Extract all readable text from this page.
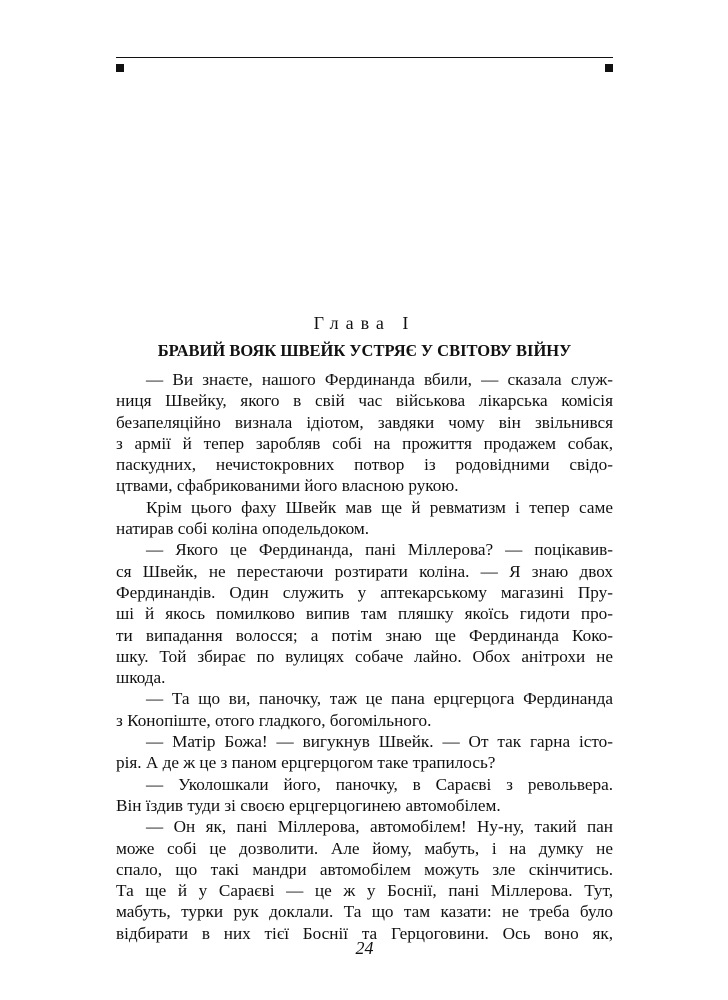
Глава I
БРАВИЙ ВОЯК ШВЕЙК УСТРЯЄ У СВІТОВУ ВІЙНУ
— Ви знаєте, нашого Фердинанда вбили, — сказала служ-
ниця Швейку, якого в свій час військова лікарська комісія
безапеляційно визнала ідіотом, завдяки чому він звільнився
з армії й тепер заробляв собі на прожиття продажем собак,
паскудних, нечистокровних потвор із родовідними свідо-
цтвами, сфабрикованими його власною рукою.
Крім цього фаху Швейк мав ще й ревматизм і тепер саме
натирав собі коліна оподельдоком.
— Якого це Фердинанда, пані Міллерова? — поцікавив-
ся Швейк, не перестаючи розтирати коліна. — Я знаю двох
Фердинандів. Один служить у аптекарському магазині Пру-
ші й якось помилково випив там пляшку якоїсь гидоти про-
ти випадання волосся; а потім знаю ще Фердинанда Коко-
шку. Той збирає по вулицях собаче лайно. Обох анітрохи не
шкода.
— Та що ви, паночку, таж це пана ерцгерцога Фердинанда
з Конопіште, отого гладкого, богомільного.
— Матір Божа! — вигукнув Швейк. — От так гарна істо-
рія. А де ж це з паном ерцгерцогом таке трапилось?
— Уколошкали його, паночку, в Сараєві з револьвера.
Він їздив туди зі своєю ерцгерцогинею автомобілем.
— Он як, пані Міллерова, автомобілем! Ну-ну, такий пан
може собі це дозволити. Але йому, мабуть, і на думку не
спало, що такі мандри автомобілем можуть зле скінчитись.
Та ще й у Сараєві — це ж у Боснії, пані Міллерова. Тут,
мабуть, турки рук доклали. Та що там казати: не треба було
відбирати в них тієї Боснії та Герцоговини. Ось воно як,
24
